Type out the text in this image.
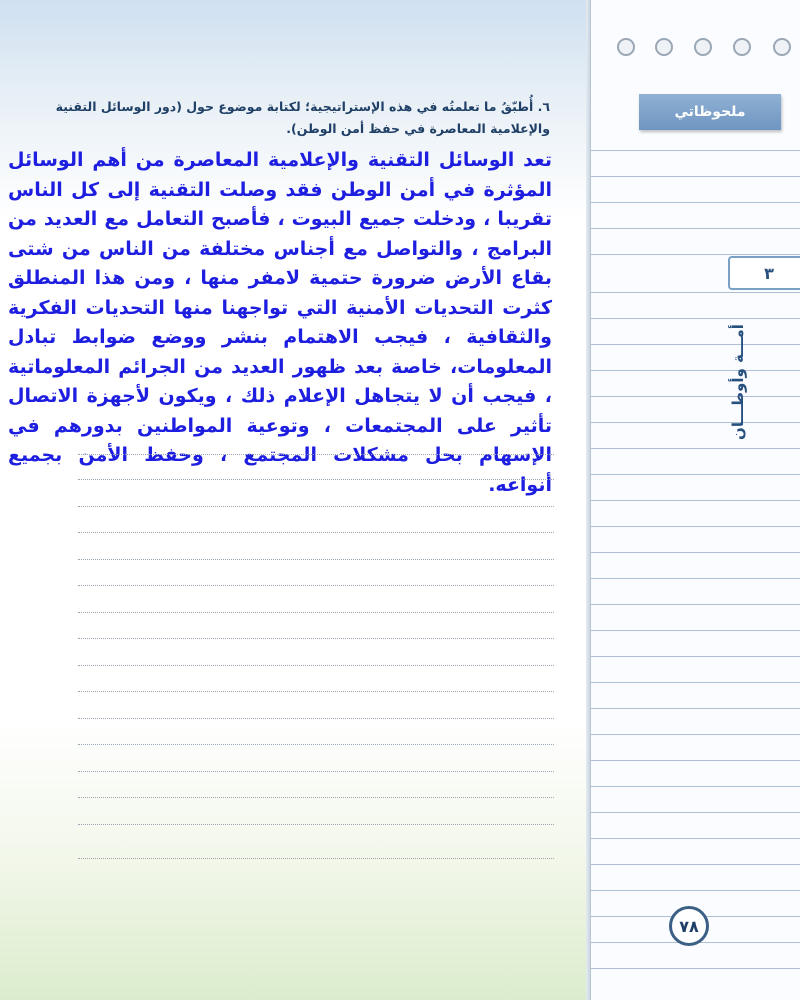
٦. أُطبّقُ ما تعلمتُه في هذه الإستراتيجية؛ لكتابة موضوع حول (دور الوسائل التقنية والإعلامية المعاصرة في حفظ أمن الوطن).
تعد الوسائل التقنية والإعلامية المعاصرة من أهم الوسائل المؤثرة في أمن الوطن فقد وصلت التقنية إلى كل الناس تقريبا ، ودخلت جميع البيوت ، فأصبح التعامل مع العديد من البرامج ، والتواصل مع أجناس مختلفة من الناس من شتى بقاع الأرض ضرورة حتمية لامفر منها ، ومن هذا المنطلق كثرت التحديات الأمنية التي تواجهنا منها التحديات الفكرية والثقافية ، فيجب الاهتمام بنشر ووضع ضوابط تبادل المعلومات، خاصة بعد ظهور العديد من الجرائم المعلوماتية ، فيجب أن لا يتجاهل الإعلام ذلك ، ويكون لأجهزة الاتصال تأثير على المجتمعات ، وتوعية المواطنين بدورهم في الإسهام بحل مشكلات المجتمع ، وحفظ الأمن بجميع أنواعه.
ملحوظاتي
٣
أمـــة وأوطـــان
٧٨
